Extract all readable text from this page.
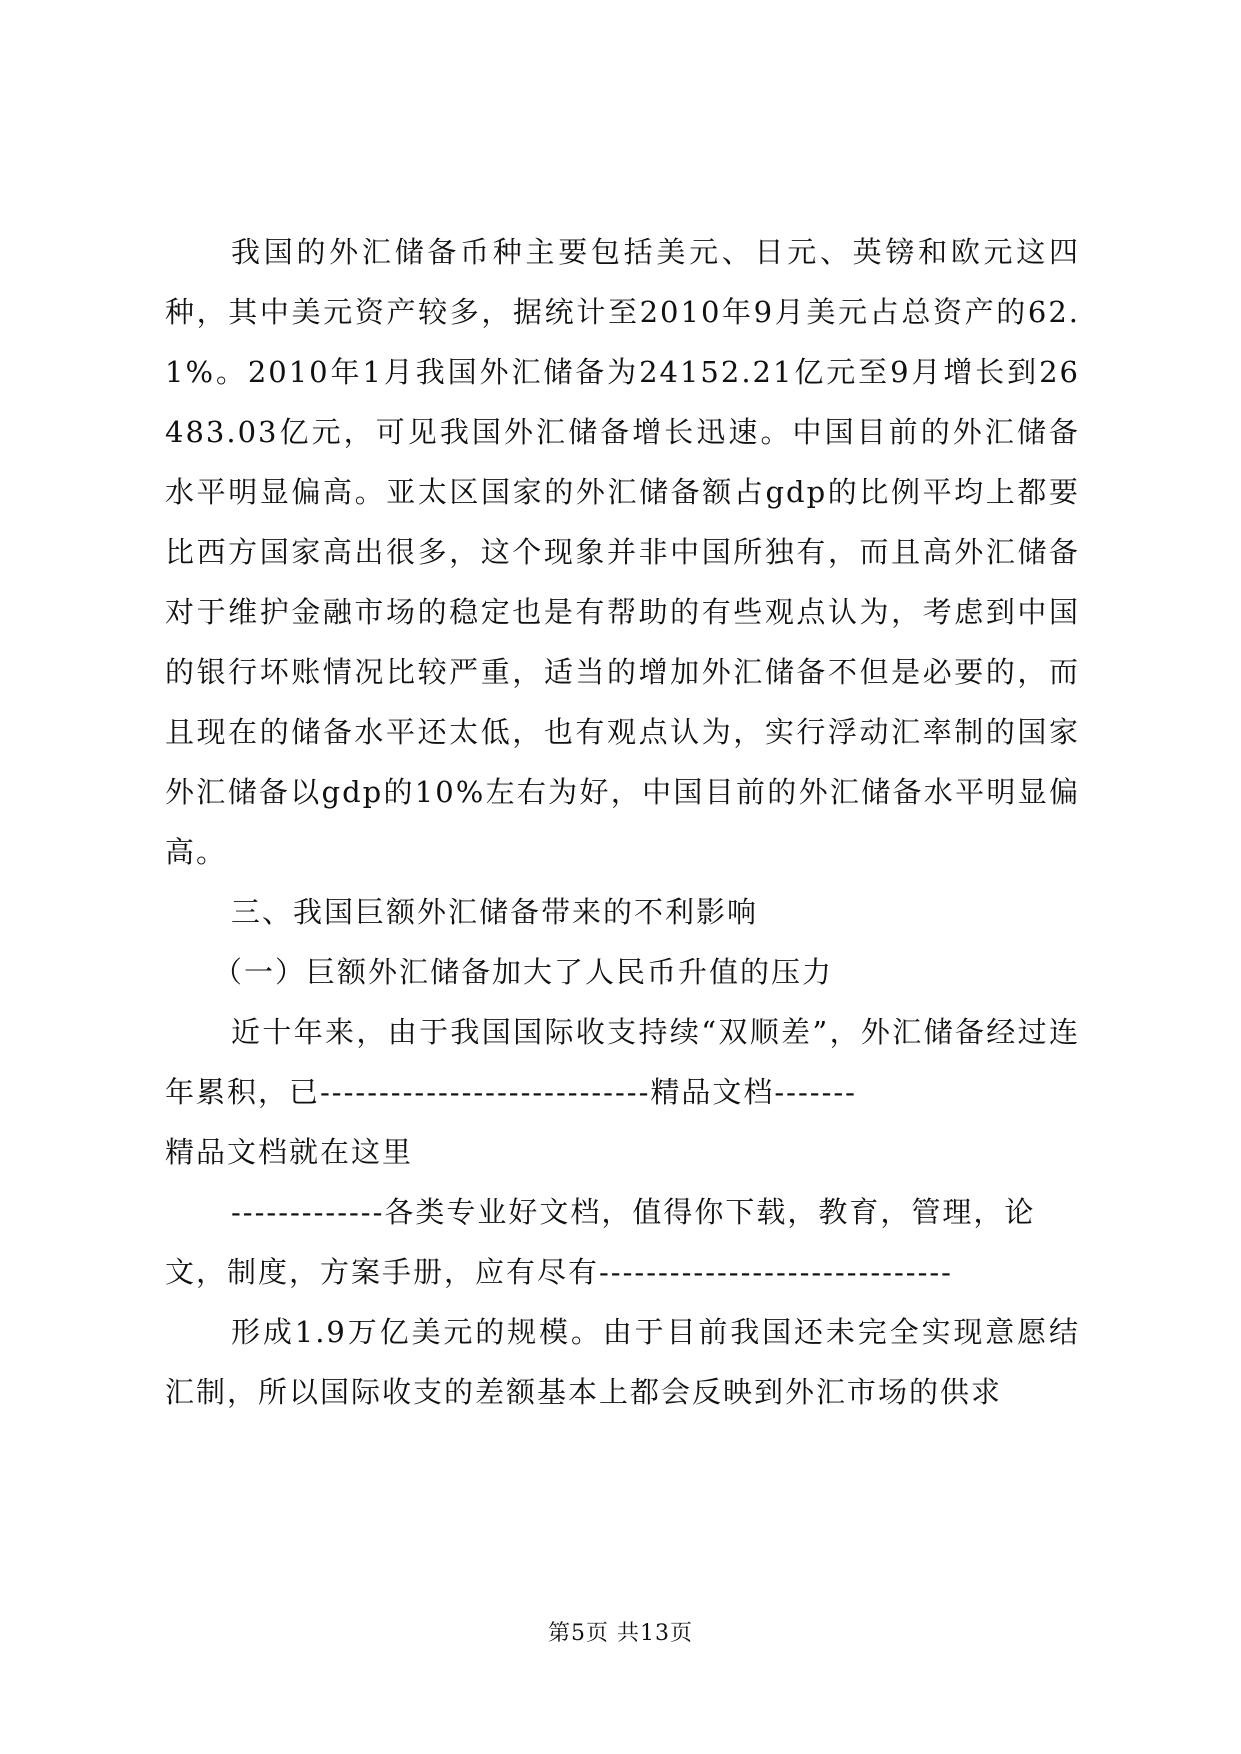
我国的外汇储备币种主要包括美元、日元、英镑和欧元这四种，其中美元资产较多，据统计至2010年9月美元占总资产的62.1%。2010年1月我国外汇储备为24152.21亿元至9月增长到26483.03亿元，可见我国外汇储备增长迅速。中国目前的外汇储备水平明显偏高。亚太区国家的外汇储备额占gdp的比例平均上都要比西方国家高出很多，这个现象并非中国所独有，而且高外汇储备对于维护金融市场的稳定也是有帮助的有些观点认为，考虑到中国的银行坏账情况比较严重，适当的增加外汇储备不但是必要的，而且现在的储备水平还太低，也有观点认为，实行浮动汇率制的国家外汇储备以gdp的10%左右为好，中国目前的外汇储备水平明显偏高。

三、我国巨额外汇储备带来的不利影响

（一）巨额外汇储备加大了人民币升值的压力

近十年来，由于我国国际收支持续“双顺差”，外汇储备经过连年累积，已----------------------------精品文档-------

精品文档就在这里

-------------各类专业好文档，值得你下载，教育，管理，论文，制度，方案手册，应有尽有------------------------------

形成1.9万亿美元的规模。由于目前我国还未完全实现意愿结汇制，所以国际收支的差额基本上都会反映到外汇市场的供求

第5页 共13页
